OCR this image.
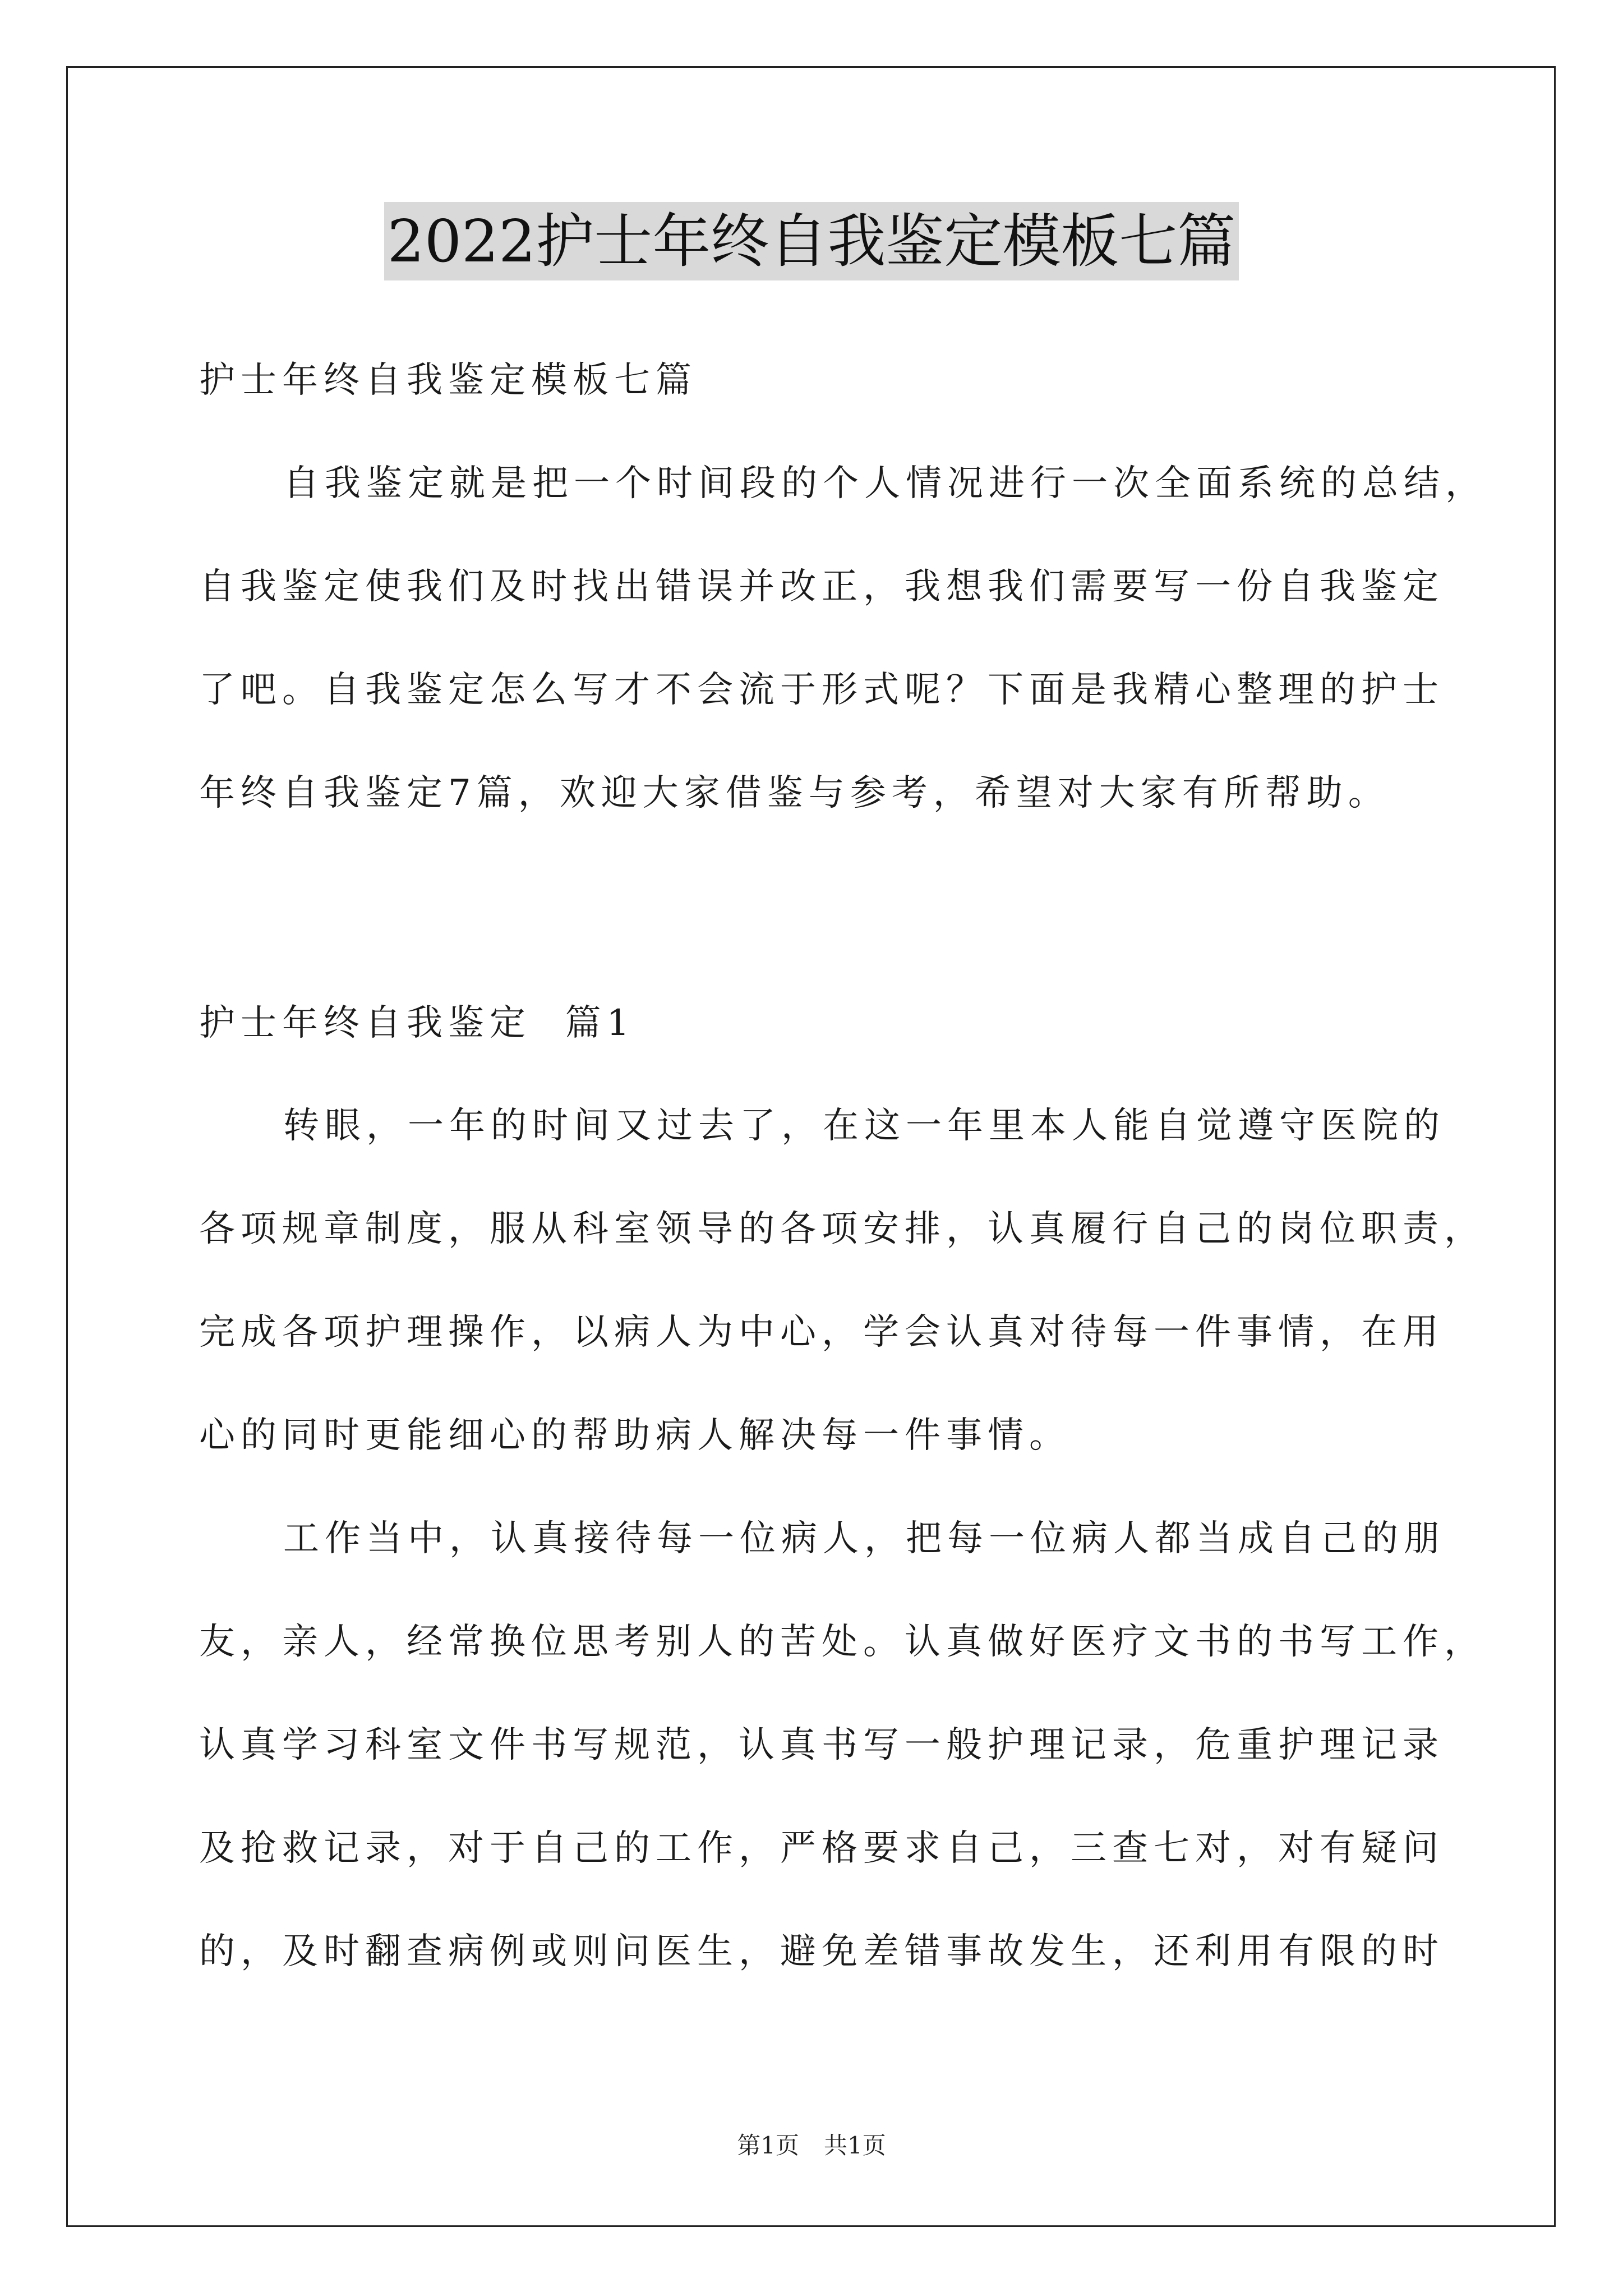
2022护士年终自我鉴定模板七篇
护士年终自我鉴定模板七篇
自我鉴定就是把一个时间段的个人情况进行一次全面系统的总结，
自我鉴定使我们及时找出错误并改正，我想我们需要写一份自我鉴定
了吧。自我鉴定怎么写才不会流于形式呢？下面是我精心整理的护士
年终自我鉴定7篇，欢迎大家借鉴与参考，希望对大家有所帮助。
护士年终自我鉴定  篇1
转眼，一年的时间又过去了，在这一年里本人能自觉遵守医院的
各项规章制度，服从科室领导的各项安排，认真履行自己的岗位职责，
完成各项护理操作，以病人为中心，学会认真对待每一件事情，在用
心的同时更能细心的帮助病人解决每一件事情。
工作当中，认真接待每一位病人，把每一位病人都当成自己的朋
友，亲人，经常换位思考别人的苦处。认真做好医疗文书的书写工作，
认真学习科室文件书写规范，认真书写一般护理记录，危重护理记录
及抢救记录，对于自己的工作，严格要求自己，三查七对，对有疑问
的，及时翻查病例或则问医生，避免差错事故发生，还利用有限的时
第1页 共1页
